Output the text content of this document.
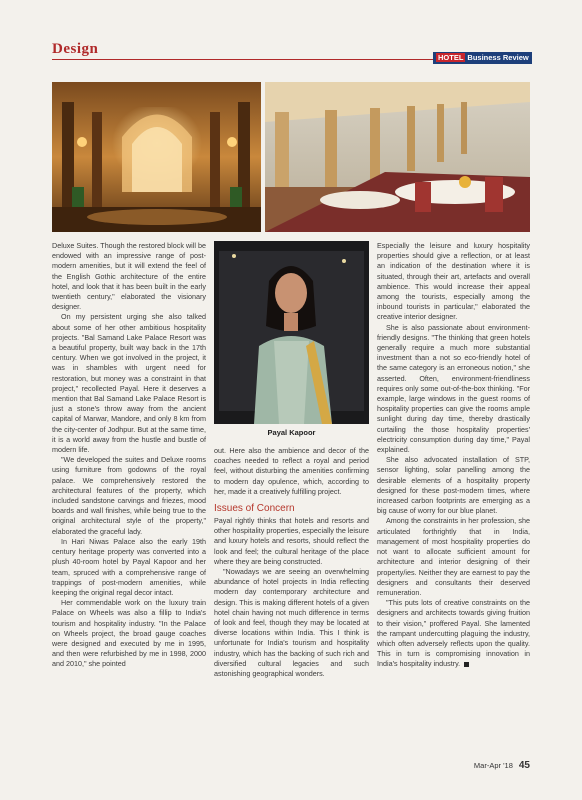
Design
HOTEL Business Review
Payal Kapoor

Deluxe Suites. Though the restored block will be endowed with an impressive range of post-modern amenities, but it will extend the feel of the English Gothic architecture of the entire hotel, and look that it has been built in the early twentieth century," elaborated the visionary designer.

On my persistent urging she also talked about some of her other ambitious hospitality projects. "Bal Samand Lake Palace Resort was a beautiful property, built way back in the 17th century. When we got involved in the project, it was in shambles with urgent need for restoration, but money was a constraint in that project," recollected Payal. Here it deserves a mention that Bal Samand Lake Palace Resort is just a stone's throw away from the ancient capital of Marwar, Mandore, and only 8 km from the city-center of Jodhpur. But at the same time, it is a world away from the hustle and bustle of modern life.

"We developed the suites and Deluxe rooms using furniture from godowns of the royal palace. We comprehensively restored the architectural features of the property, which included sandstone carvings and friezes, mood boards and wall finishes, while being true to the original architectural style of the property," elaborated the graceful lady.

In Hari Niwas Palace also the early 19th century heritage property was converted into a plush 40-room hotel by Payal Kapoor and her team, spruced with a comprehensive range of trappings of post-modern amenities, while keeping the original regal decor intact.

Her commendable work on the luxury train Palace on Wheels was also a fillip to India's tourism and hospitality industry. "In the Palace on Wheels project, the broad gauge coaches were designed and executed by me in 1995, and then were refurbished by me in 1998, 2000 and 2010," she pointed

out. Here also the ambience and decor of the coaches needed to reflect a royal and period feel, without disturbing the amenities confirming to modern day opulence, which, according to her, made it a creatively fulfilling project.

Issues of Concern

Payal rightly thinks that hotels and resorts and other hospitality properties, especially the leisure and luxury hotels and resorts, should reflect the look and feel; the cultural heritage of the place where they are being constructed.

"Nowadays we are seeing an overwhelming abundance of hotel projects in India reflecting modern day contemporary architecture and design. This is making different hotels of a given hotel chain having not much difference in terms of look and feel, though they may be located at diverse locations within India. This I think is unfortunate for India's tourism and hospitality industry, which has the backing of such rich and diversified cultural legacies and such astonishing geographical wonders.

Especially the leisure and luxury hospitality properties should give a reflection, or at least an indication of the destination where it is situated, through their art, artefacts and overall ambience. This would increase their appeal among the tourists, especially among the inbound tourists in particular," elaborated the creative interior designer.

She is also passionate about environment-friendly designs. "The thinking that green hotels generally require a much more substantial investment than a not so eco-friendly hotel of the same category is an erroneous notion," she asserted. Often, environment-friendliness requires only some out-of-the-box thinking. "For example, large windows in the guest rooms of hospitality properties can give the rooms ample sunlight during day time, thereby drastically curtailing the those hospitality properties' electricity consumption during day time," Payal explained.

She also advocated installation of STP, sensor lighting, solar panelling among the desirable elements of a hospitality property designed for these post-modern times, where increased carbon footprints are emerging as a big cause of worry for our blue planet.

Among the constraints in her profession, she articulated forthrightly that in India, management of most hospitality properties do not want to allocate sufficient amount for architecture and interior designing of their property/ies. Neither they are earnest to pay the designers and consultants their deserved remuneration.

"This puts lots of creative constraints on the designers and architects towards giving fruition to their vision," proffered Payal. She lamented the rampant undercutting plaguing the industry, which often adversely reflects upon the quality. This in turn is compromising innovation in India's hospitality industry.

Mar-Apr '18 45
